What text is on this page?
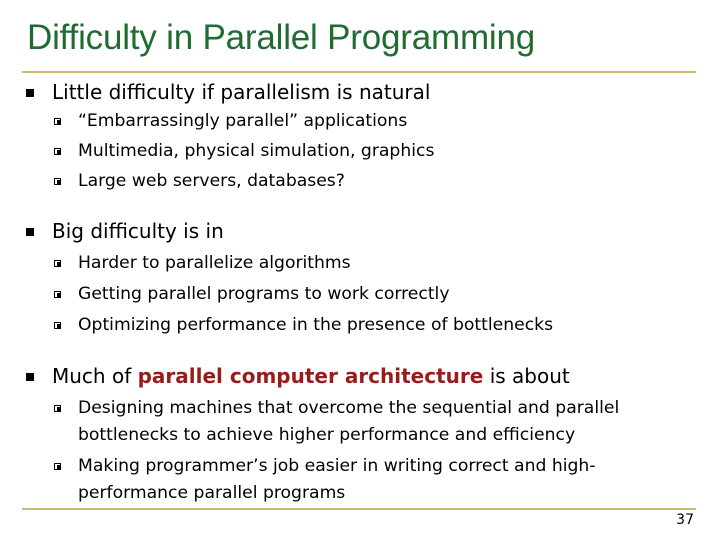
Difficulty in Parallel Programming
Little difficulty if parallelism is natural
“Embarrassingly parallel” applications
Multimedia, physical simulation, graphics
Large web servers, databases?
Big difficulty is in
Harder to parallelize algorithms
Getting parallel programs to work correctly
Optimizing performance in the presence of bottlenecks
Much of parallel computer architecture is about
Designing machines that overcome the sequential and parallel
bottlenecks to achieve higher performance and efficiency
Making programmer’s job easier in writing correct and high-
performance parallel programs
37
